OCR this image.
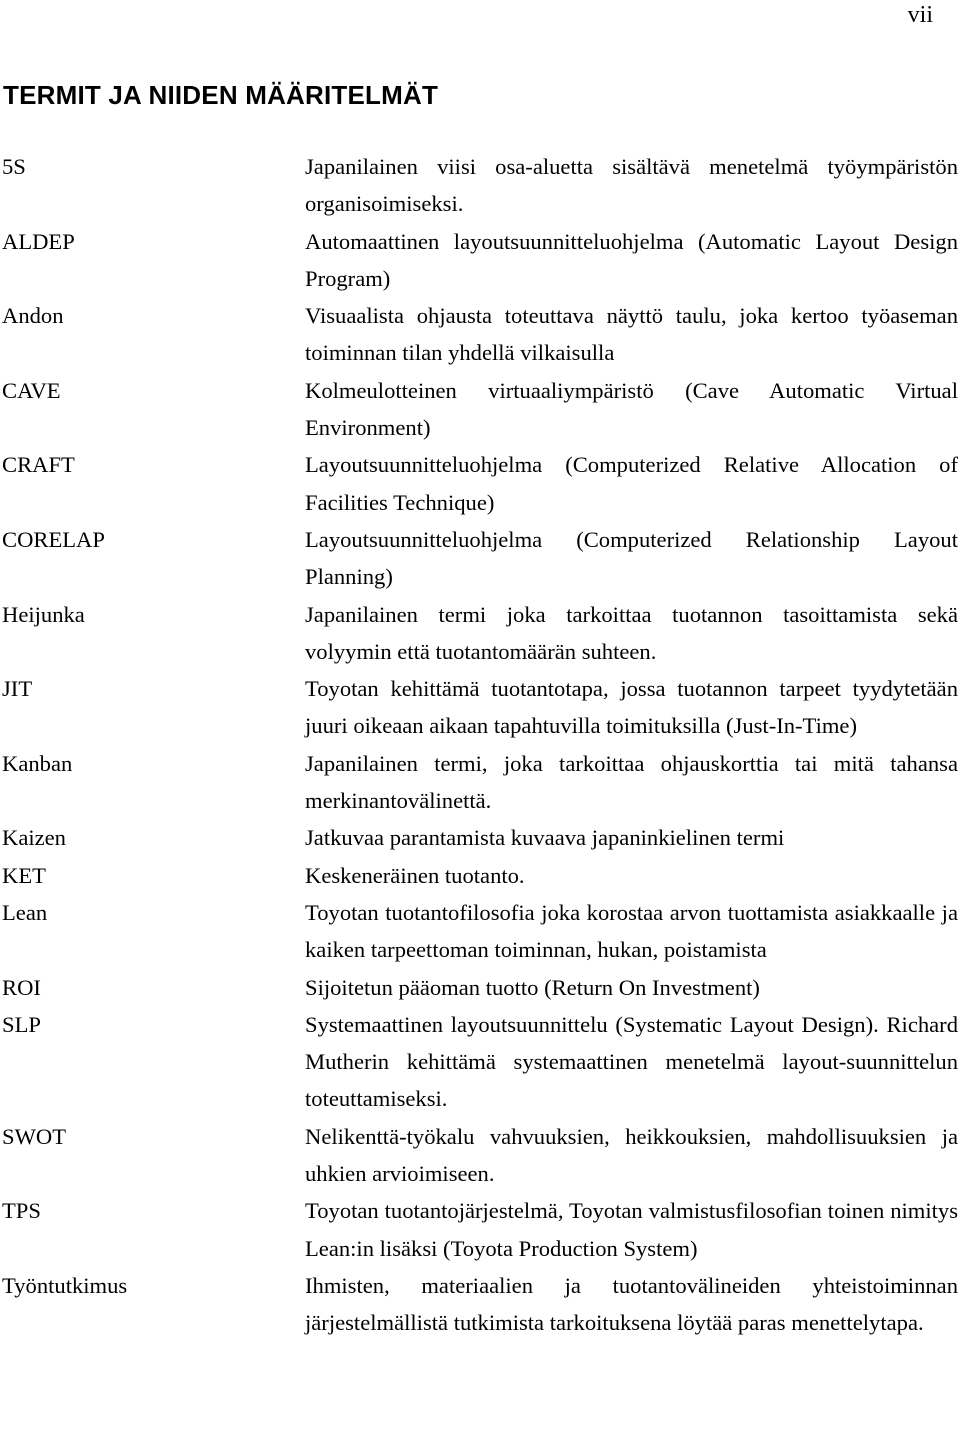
vii
TERMIT JA NIIDEN MÄÄRITELMÄT
5S	Japanilainen viisi osa-aluetta sisältävä menetelmä työympäristön organisoimiseksi.
ALDEP	Automaattinen layoutsuunnitteluohjelma (Automatic Layout Design Program)
Andon	Visuaalista ohjausta toteuttava näyttö taulu, joka kertoo työaseman toiminnan tilan yhdellä vilkaisulla
CAVE	Kolmeulotteinen virtuaaliympäristö (Cave Automatic Virtual Environment)
CRAFT	Layoutsuunnitteluohjelma (Computerized Relative Allocation of Facilities Technique)
CORELAP	Layoutsuunnitteluohjelma (Computerized Relationship Layout Planning)
Heijunka	Japanilainen termi joka tarkoittaa tuotannon tasoittamista sekä volyymin että tuotantomäärän suhteen.
JIT	Toyotan kehittämä tuotantotapa, jossa tuotannon tarpeet tyydytetään juuri oikeaan aikaan tapahtuvilla toimituksilla (Just-In-Time)
Kanban	Japanilainen termi, joka tarkoittaa ohjauskorttia tai mitä tahansa merkinantovälinettä.
Kaizen	Jatkuvaa parantamista kuvaava japaninkielinen termi
KET	Keskeneräinen tuotanto.
Lean	Toyotan tuotantofilosofia joka korostaa arvon tuottamista asiakkaalle ja kaiken tarpeettoman toiminnan, hukan, poistamista
ROI	Sijoitetun pääoman tuotto (Return On Investment)
SLP	Systemaattinen layoutsuunnittelu (Systematic Layout Design). Richard Mutherin kehittämä systemaattinen menetelmä layout-suunnittelun toteuttamiseksi.
SWOT	Nelikenttä-työkalu vahvuuksien, heikkouksien, mahdollisuuksien ja uhkien arvioimiseen.
TPS	Toyotan tuotantojärjestelmä, Toyotan valmistusfilosofian toinen nimitys Lean:in lisäksi (Toyota Production System)
Työntutkimus	Ihmisten, materiaalien ja tuotantovälineiden yhteistoiminnan järjestelmällistä tutkimista tarkoituksena löytää paras menettelytapa.
